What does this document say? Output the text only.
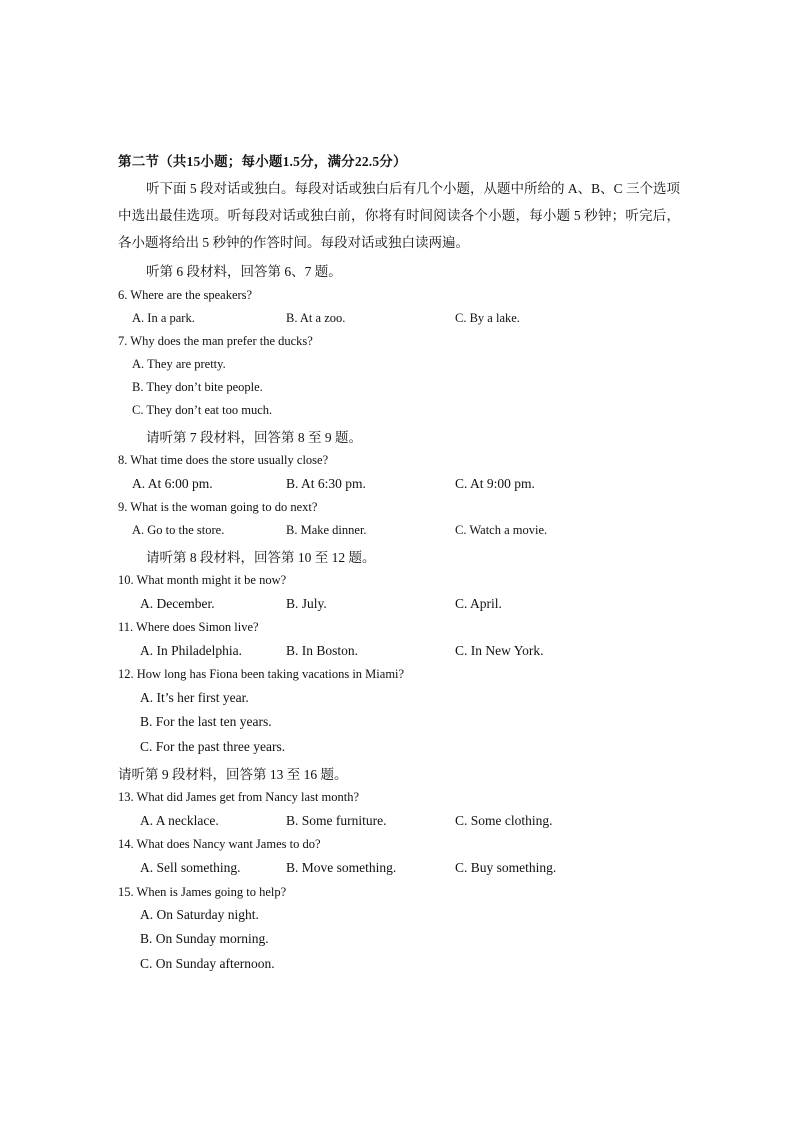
第二节（共15小题；每小题1.5分，满分22.5分）
听下面 5 段对话或独白。每段对话或独白后有几个小题，从题中所给的 A、B、C 三个选项中选出最佳选项。听每段对话或独白前，你将有时间阅读各个小题，每小题 5 秒钟；听完后，各小题将给出 5 秒钟的作答时间。每段对话或独白读两遍。
听第 6 段材料，回答第 6、7 题。
6. Where are the speakers?
A. In a park.	B. At a zoo.	C. By a lake.
7. Why does the man prefer the ducks?
A. They are pretty.
B. They don’t bite people.
C. They don’t eat too much.
请听第 7 段材料，回答第 8 至 9 题。
8. What time does the store usually close?
A. At 6:00 pm.	B. At 6:30 pm.	C. At 9:00 pm.
9. What is the woman going to do next?
A. Go to the store.	B. Make dinner.	C. Watch a movie.
请听第 8 段材料，回答第 10 至 12 题。
10. What month might it be now?
A. December.	B. July.	C. April.
11. Where does Simon live?
A. In Philadelphia.	B. In Boston.	C. In New York.
12. How long has Fiona been taking vacations in Miami?
A. It’s her first year.
B. For the last ten years.
C. For the past three years.
请听第 9 段材料，回答第 13 至 16 题。
13. What did James get from Nancy last month?
A. A necklace.	B. Some furniture.	C. Some clothing.
14. What does Nancy want James to do?
A. Sell something.	B. Move something.	C. Buy something.
15. When is James going to help?
A. On Saturday night.
B. On Sunday morning.
C. On Sunday afternoon.
